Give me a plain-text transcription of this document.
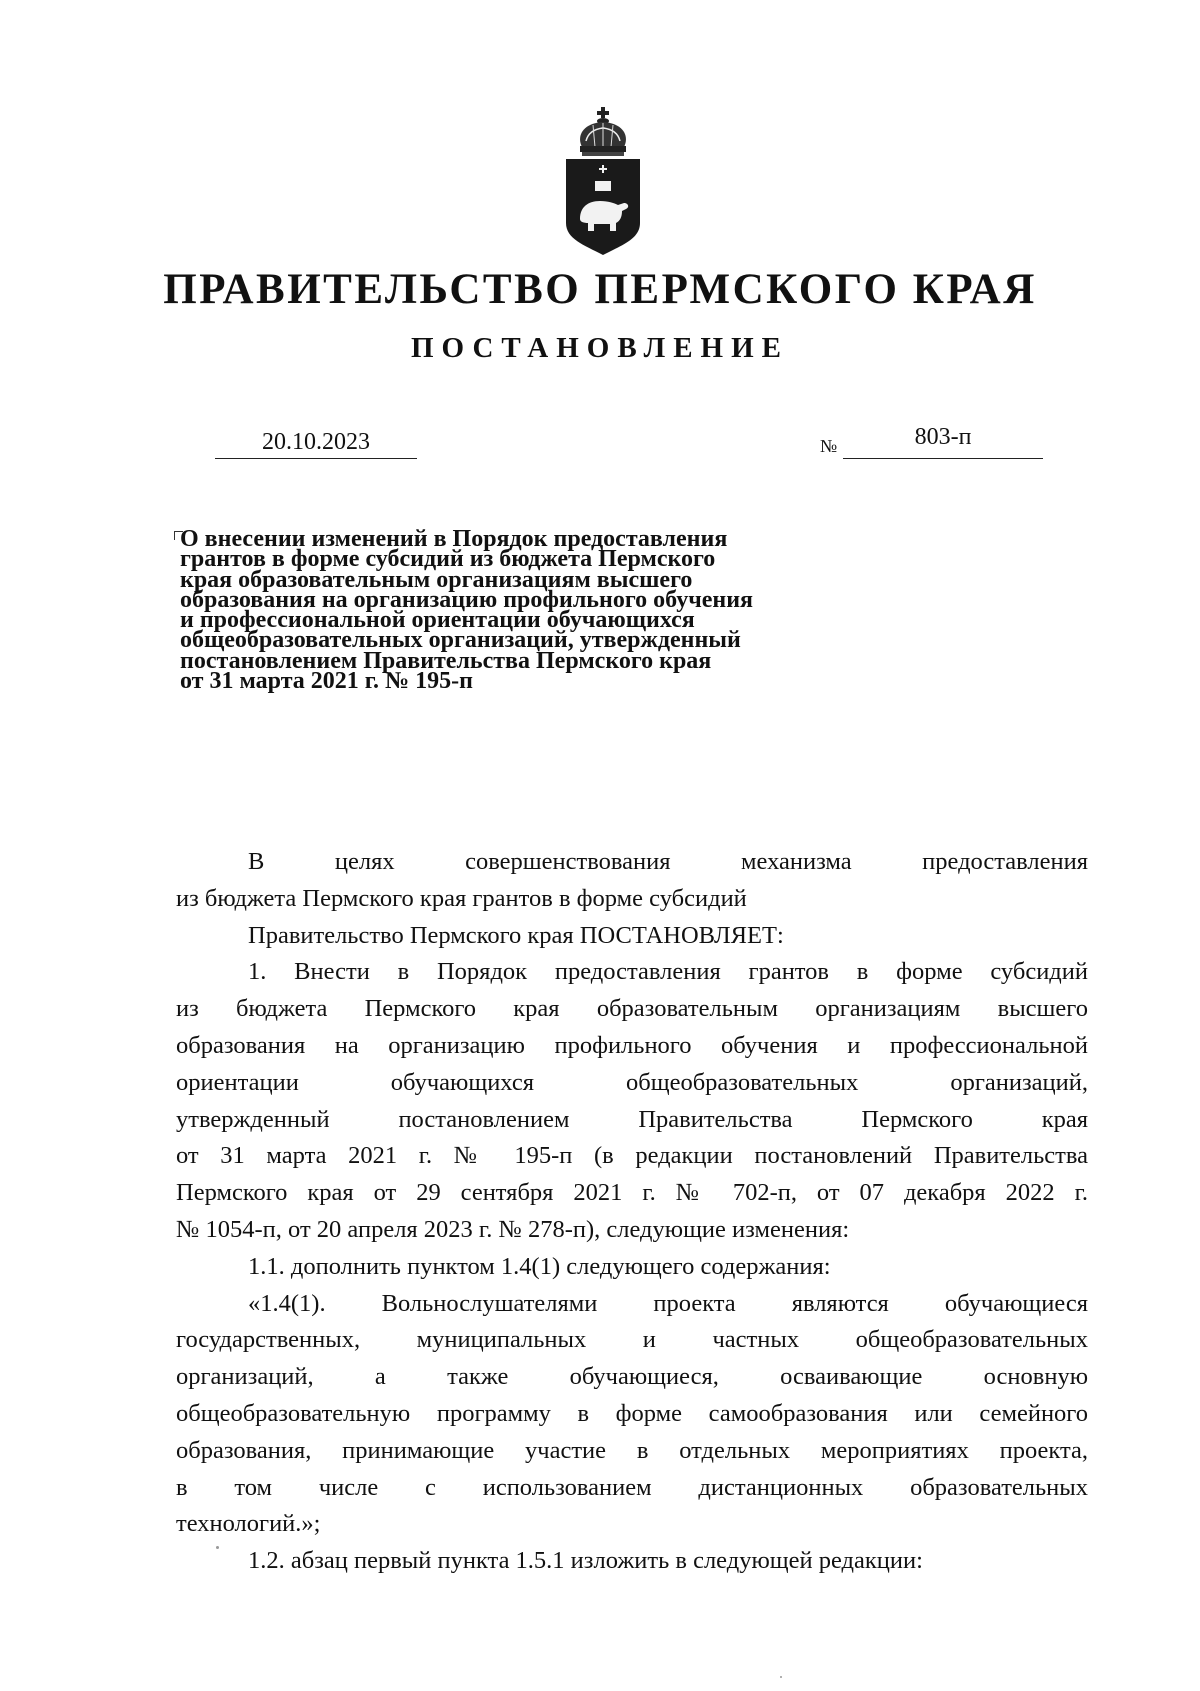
ПРАВИТЕЛЬСТВО ПЕРМСКОГО КРАЯ
ПОСТАНОВЛЕНИЕ
20.10.2023	№	803-п
О внесении изменений в Порядок предоставления
грантов в форме субсидий из бюджета Пермского
края образовательным организациям высшего
образования на организацию профильного обучения
и профессиональной ориентации обучающихся
общеобразовательных организаций, утвержденный
постановлением Правительства Пермского края
от 31 марта 2021 г. № 195-п
В целях совершенствования механизма предоставления
из бюджета Пермского края грантов в форме субсидий
Правительство Пермского края ПОСТАНОВЛЯЕТ:
1. Внести в Порядок предоставления грантов в форме субсидий
из бюджета Пермского края образовательным организациям высшего
образования на организацию профильного обучения и профессиональной
ориентации обучающихся общеобразовательных организаций,
утвержденный постановлением Правительства Пермского края
от 31 марта 2021 г. № 195-п (в редакции постановлений Правительства
Пермского края от 29 сентября 2021 г. № 702-п, от 07 декабря 2022 г.
№ 1054-п, от 20 апреля 2023 г. № 278-п), следующие изменения:
1.1. дополнить пунктом 1.4(1) следующего содержания:
«1.4(1). Вольнослушателями проекта являются обучающиеся
государственных, муниципальных и частных общеобразовательных
организаций, а также обучающиеся, осваивающие основную
общеобразовательную программу в форме самообразования или семейного
образования, принимающие участие в отдельных мероприятиях проекта,
в том числе с использованием дистанционных образовательных
технологий.»;
1.2. абзац первый пункта 1.5.1 изложить в следующей редакции:
